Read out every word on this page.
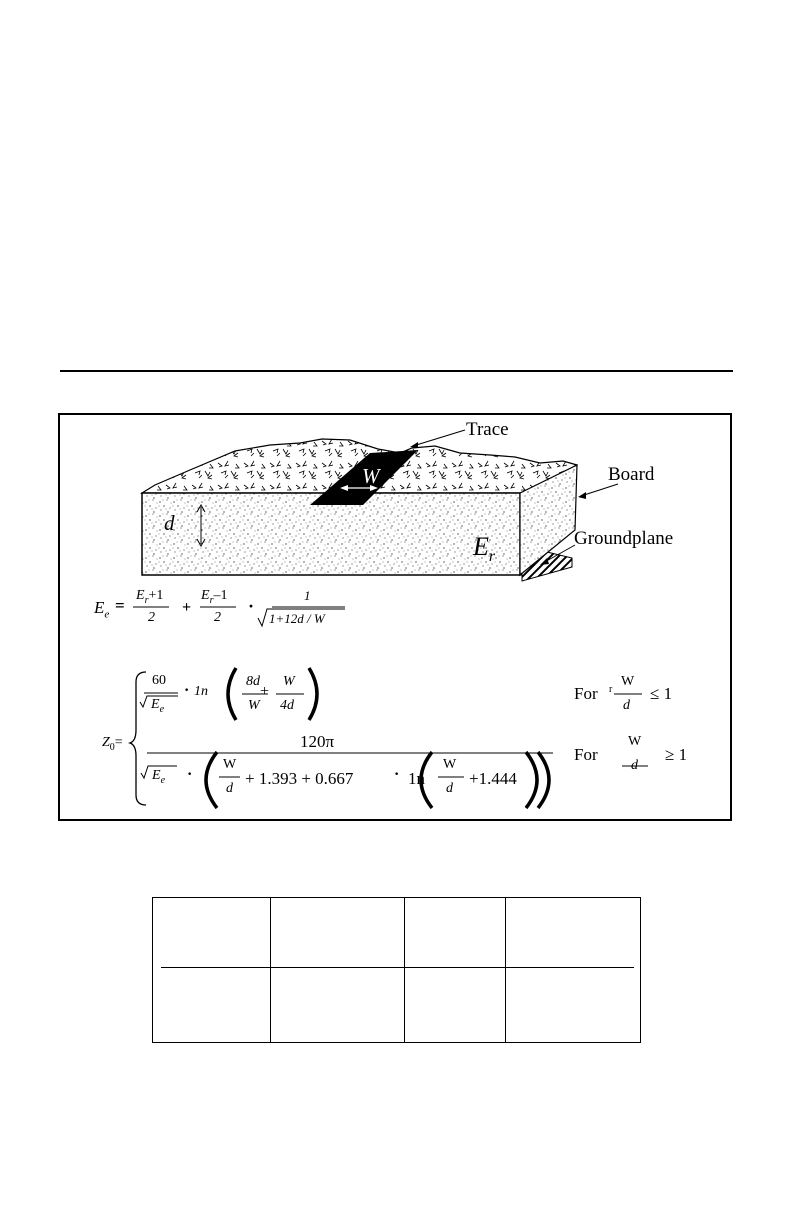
Trace
Board
Groundplane
W
d
$E_r$
$E_e$ =
$E_r+1$
2
+
$E_r-1$
2
·
1
1+12d / W
$Z_0=$
60
$E_e$
· 1n
8d
W
+
W
4d
For r
W
d
≤ 1
120π
$E_e$ ·
W
d
+ 1.393 + 0.667	· 1n
W
d
+1.444
For
W
d
≥ 1
